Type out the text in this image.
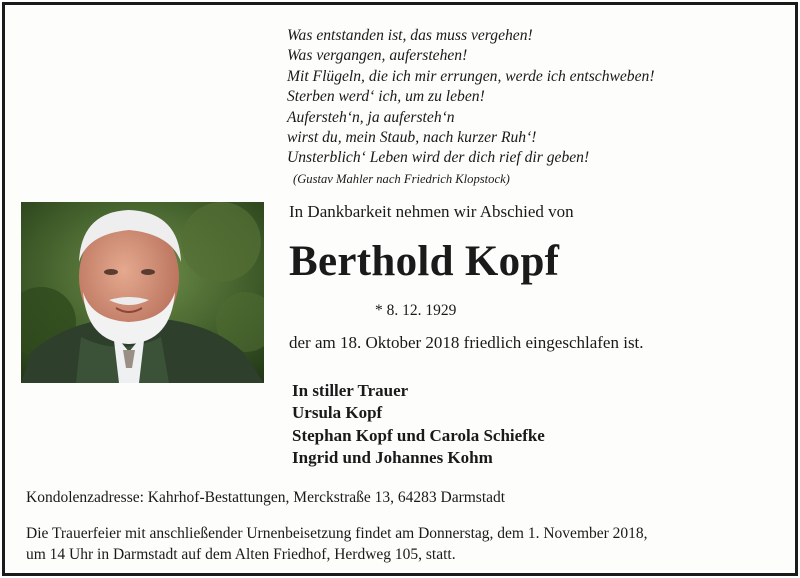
Was entstanden ist, das muss vergehen!
Was vergangen, auferstehen!
Mit Flügeln, die ich mir errungen, werde ich entschweben!
Sterben werd‘ ich, um zu leben!
Aufersteh‘n, ja aufersteh‘n
wirst du, mein Staub, nach kurzer Ruh‘!
Unsterblich‘ Leben wird der dich rief dir geben!
(Gustav Mahler nach Friedrich Klopstock)
In Dankbarkeit nehmen wir Abschied von
Berthold Kopf
* 8. 12. 1929
der am 18. Oktober 2018 friedlich eingeschlafen ist.
In stiller Trauer
Ursula Kopf
Stephan Kopf und Carola Schiefke
Ingrid und Johannes Kohm
Kondolenzadresse: Kahrhof-Bestattungen, Merckstraße 13, 64283 Darmstadt
Die Trauerfeier mit anschließender Urnenbeisetzung findet am Donnerstag, dem 1. November 2018,
um 14 Uhr in Darmstadt auf dem Alten Friedhof, Herdweg 105, statt.
